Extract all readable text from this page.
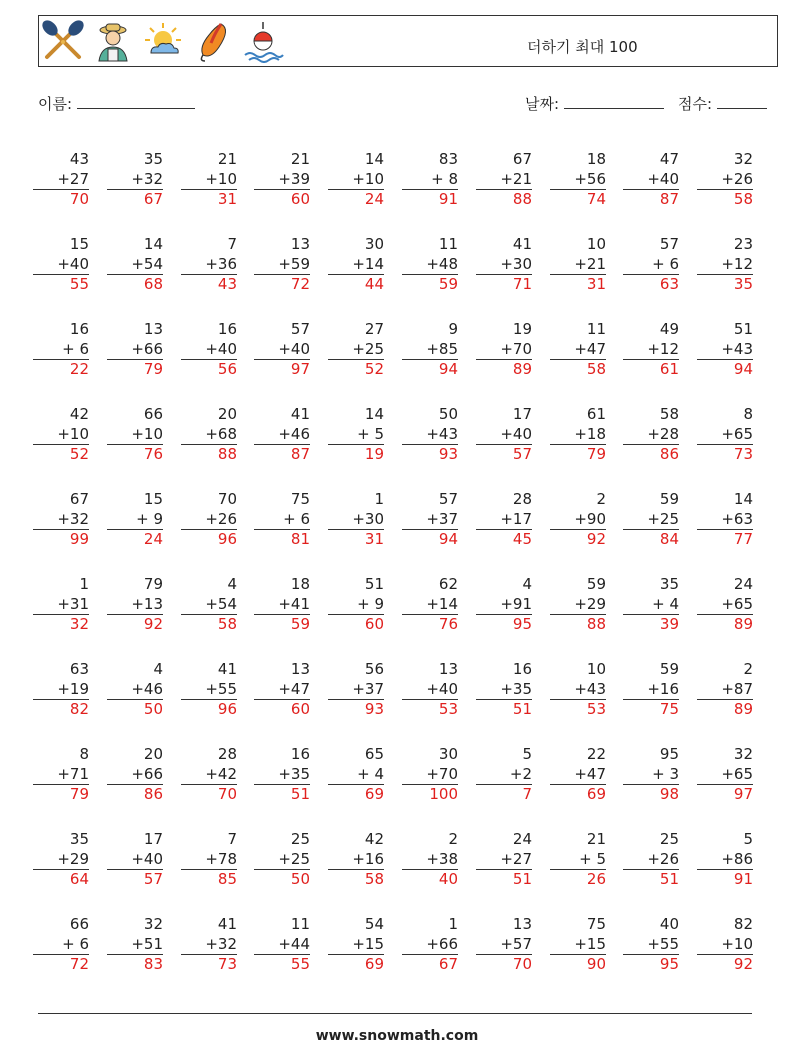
더하기 최대 100
이름:	날짜:	점수:
43
+27
70
35
+32
67
21
+10
31
21
+39
60
14
+10
24
83
+ 8
91
67
+21
88
18
+56
74
47
+40
87
32
+26
58
15
+40
55
14
+54
68
7
+36
43
13
+59
72
30
+14
44
11
+48
59
41
+30
71
10
+21
31
57
+ 6
63
23
+12
35
16
+ 6
22
13
+66
79
16
+40
56
57
+40
97
27
+25
52
9
+85
94
19
+70
89
11
+47
58
49
+12
61
51
+43
94
42
+10
52
66
+10
76
20
+68
88
41
+46
87
14
+ 5
19
50
+43
93
17
+40
57
61
+18
79
58
+28
86
8
+65
73
67
+32
99
15
+ 9
24
70
+26
96
75
+ 6
81
1
+30
31
57
+37
94
28
+17
45
2
+90
92
59
+25
84
14
+63
77
1
+31
32
79
+13
92
4
+54
58
18
+41
59
51
+ 9
60
62
+14
76
4
+91
95
59
+29
88
35
+ 4
39
24
+65
89
63
+19
82
4
+46
50
41
+55
96
13
+47
60
56
+37
93
13
+40
53
16
+35
51
10
+43
53
59
+16
75
2
+87
89
8
+71
79
20
+66
86
28
+42
70
16
+35
51
65
+ 4
69
30
+70
100
5
+2
7
22
+47
69
95
+ 3
98
32
+65
97
35
+29
64
17
+40
57
7
+78
85
25
+25
50
42
+16
58
2
+38
40
24
+27
51
21
+ 5
26
25
+26
51
5
+86
91
66
+ 6
72
32
+51
83
41
+32
73
11
+44
55
54
+15
69
1
+66
67
13
+57
70
75
+15
90
40
+55
95
82
+10
92
www.snowmath.com
